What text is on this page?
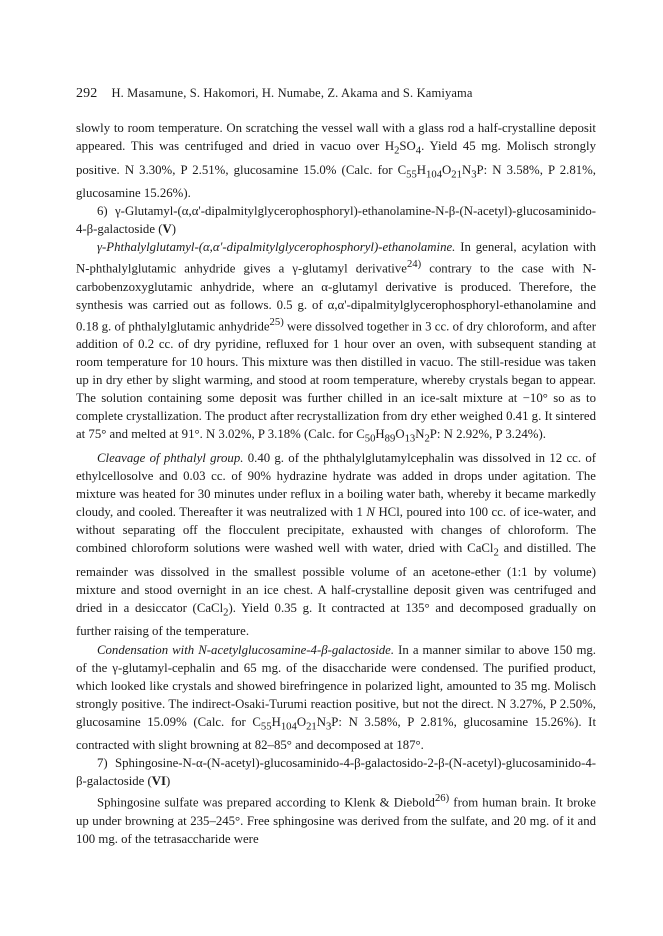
292 H. Masamune, S. Hakomori, H. Numabe, Z. Akama and S. Kamiyama

slowly to room temperature. On scratching the vessel wall with a glass rod a half-crystalline deposit appeared. This was centrifuged and dried in vacuo over $H_2SO_4$. Yield 45 mg. Molisch strongly positive. N 3.30%, P 2.51%, glucosamine 15.0% (Calc. for $C_{55}H_{104}O_{21}N_3P$: N 3.58%, P 2.81%, glucosamine 15.26%).

6) γ-Glutamyl-(α,α'-dipalmitylglycerophosphoryl)-ethanolamine-N-β-(N-acetyl)-glucosaminido-4-β-galactoside (V)

γ-Phthalylglutamyl-(α,α'-dipalmitylglycerophosphoryl)-ethanolamine. In general, acylation with N-phthalylglutamic anhydride gives a γ-glutamyl derivative$^{24)}$ contrary to the case with N-carbobenzoxyglutamic anhydride, where an α-glutamyl derivative is produced. Therefore, the synthesis was carried out as follows. 0.5 g. of α,α'-dipalmitylglycerophosphoryl-ethanolamine and 0.18 g. of phthalylglutamic anhydride$^{25)}$ were dissolved together in 3 cc. of dry chloroform, and after addition of 0.2 cc. of dry pyridine, refluxed for 1 hour over an oven, with subsequent standing at room temperature for 10 hours. This mixture was then distilled in vacuo. The still-residue was taken up in dry ether by slight warming, and stood at room temperature, whereby crystals began to appear. The solution containing some deposit was further chilled in an ice-salt mixture at −10° so as to complete crystallization. The product after recrystallization from dry ether weighed 0.41 g. It sintered at 75° and melted at 91°. N 3.02%, P 3.18% (Calc. for $C_{50}H_{89}O_{13}N_2P$: N 2.92%, P 3.24%).

Cleavage of phthalyl group. 0.40 g. of the phthalylglutamylcephalin was dissolved in 12 cc. of ethylcellosolve and 0.03 cc. of 90% hydrazine hydrate was added in drops under agitation. The mixture was heated for 30 minutes under reflux in a boiling water bath, whereby it became markedly cloudy, and cooled. Thereafter it was neutralized with 1 N HCl, poured into 100 cc. of ice-water, and without separating off the flocculent precipitate, exhausted with changes of chloroform. The combined chloroform solutions were washed well with water, dried with CaCl$_2$ and distilled. The remainder was dissolved in the smallest possible volume of an acetone-ether (1:1 by volume) mixture and stood overnight in an ice chest. A half-crystalline deposit given was centrifuged and dried in a desiccator (CaCl$_2$). Yield 0.35 g. It contracted at 135° and decomposed gradually on further raising of the temperature.

Condensation with N-acetylglucosamine-4-β-galactoside. In a manner similar to above 150 mg. of the γ-glutamyl-cephalin and 65 mg. of the disaccharide were condensed. The purified product, which looked like crystals and showed birefringence in polarized light, amounted to 35 mg. Molisch strongly positive. The indirect-Osaki-Turumi reaction positive, but not the direct. N 3.27%, P 2.50%, glucosamine 15.09% (Calc. for $C_{55}H_{104}O_{21}N_3P$: N 3.58%, P 2.81%, glucosamine 15.26%). It contracted with slight browning at 82–85° and decomposed at 187°.

7) Sphingosine-N-α-(N-acetyl)-glucosaminido-4-β-galactosido-2-β-(N-acetyl)-glucosaminido-4-β-galactoside (VI)

Sphingosine sulfate was prepared according to Klenk & Diebold$^{26)}$ from human brain. It broke up under browning at 235–245°. Free sphingosine was derived from the sulfate, and 20 mg. of it and 100 mg. of the tetrasaccharide were
